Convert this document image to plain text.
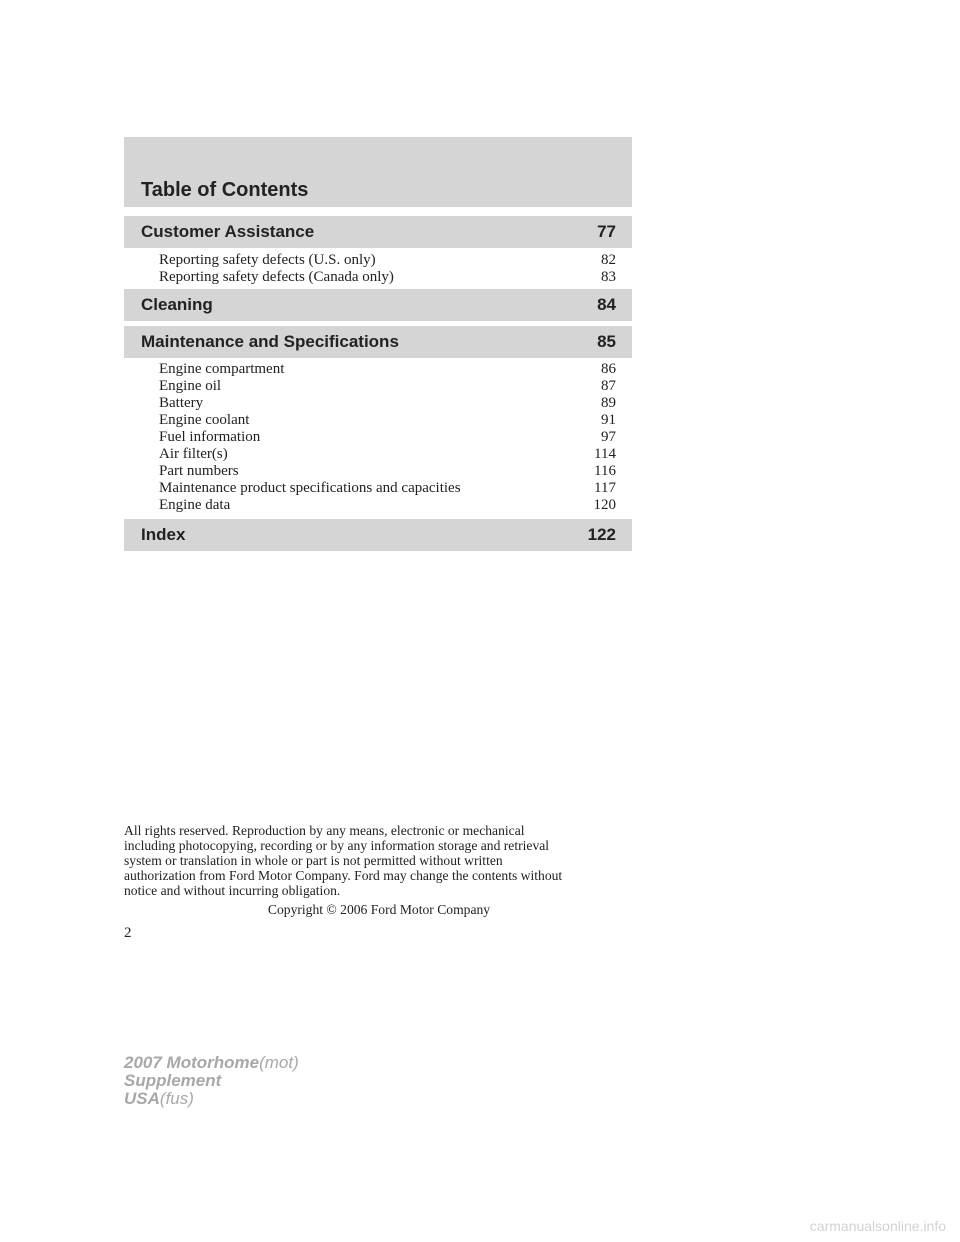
Table of Contents
Customer Assistance	77
Reporting safety defects (U.S. only)	82
Reporting safety defects (Canada only)	83
Cleaning	84
Maintenance and Specifications	85
Engine compartment	86
Engine oil	87
Battery	89
Engine coolant	91
Fuel information	97
Air filter(s)	114
Part numbers	116
Maintenance product specifications and capacities	117
Engine data	120
Index	122
All rights reserved. Reproduction by any means, electronic or mechanical
including photocopying, recording or by any information storage and retrieval
system or translation in whole or part is not permitted without written
authorization from Ford Motor Company. Ford may change the contents without
notice and without incurring obligation.
Copyright © 2006 Ford Motor Company
2
2007 Motorhome(mot)
Supplement
USA(fus)
carmanualsonline.info
